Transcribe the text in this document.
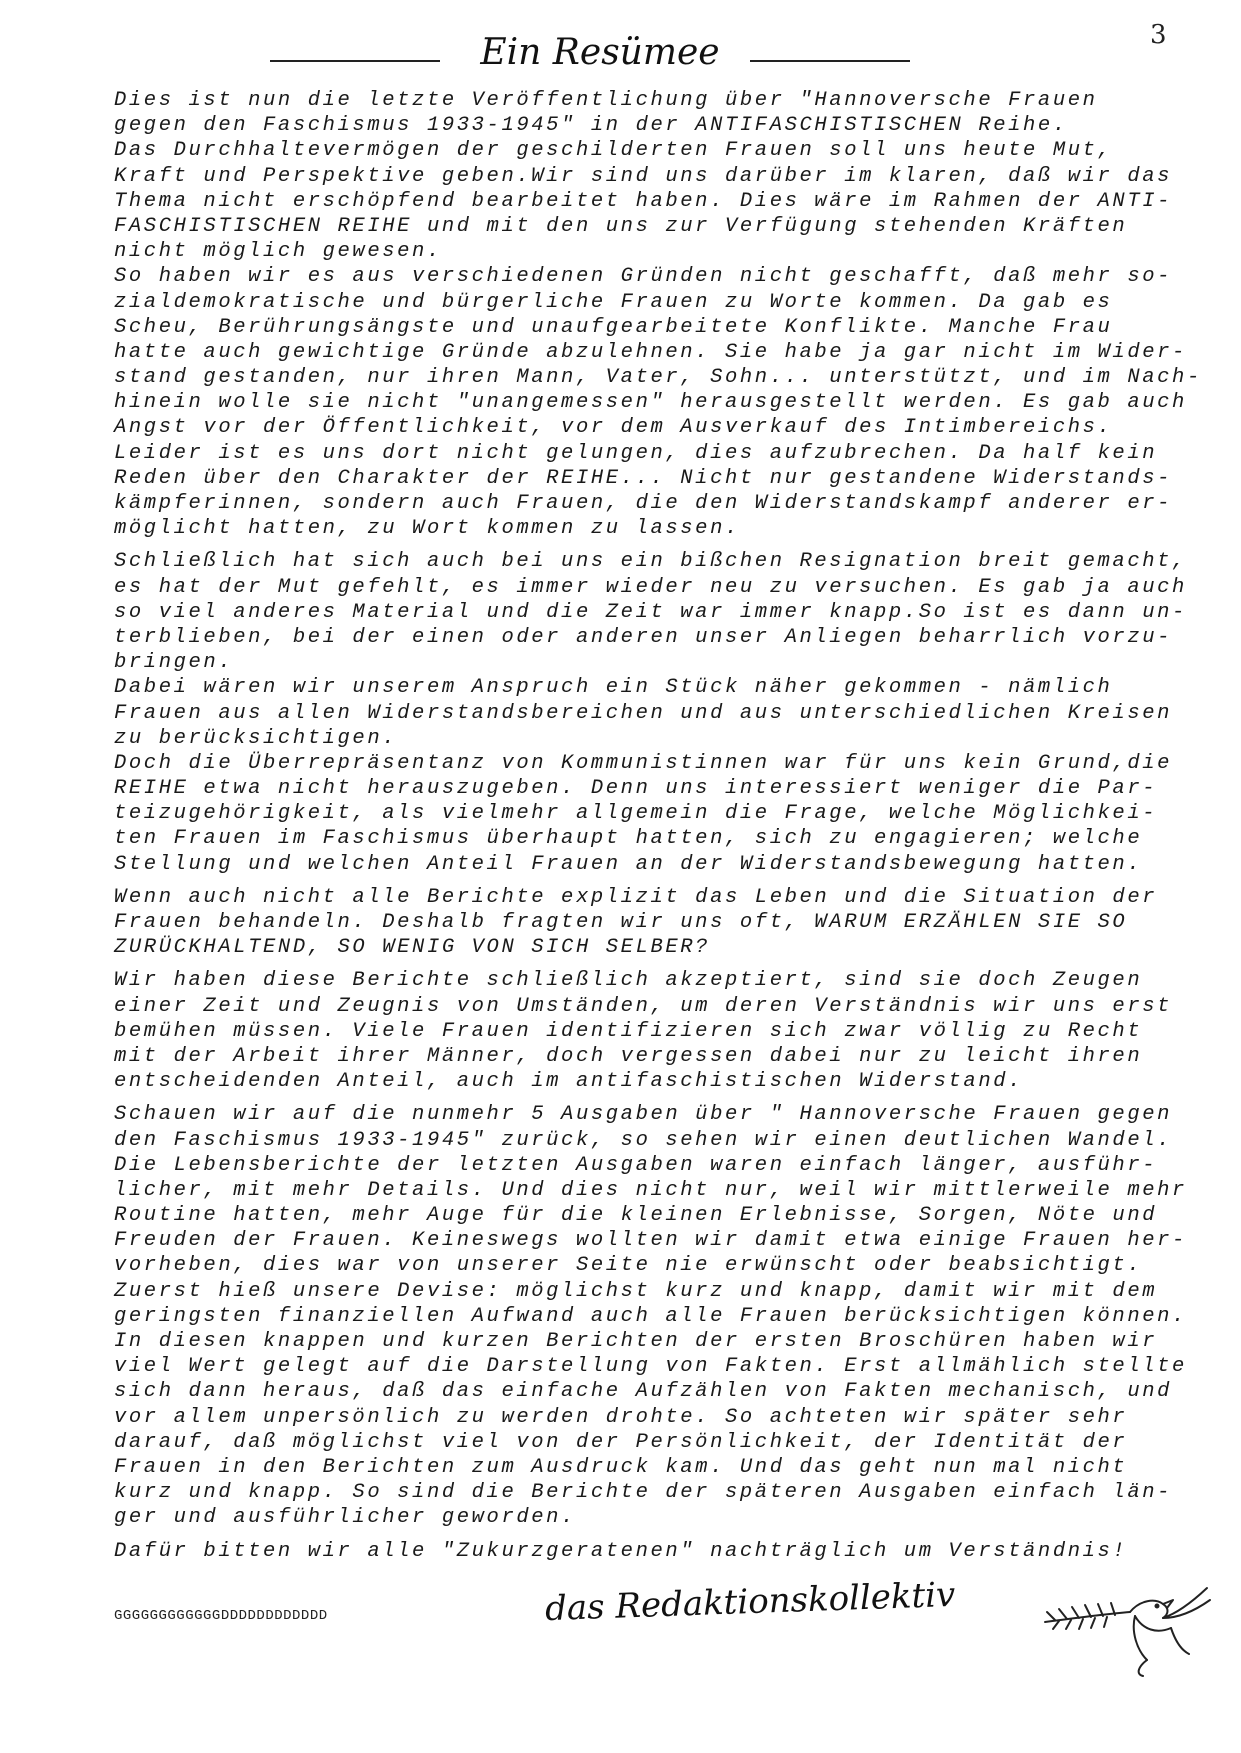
3
Ein Resümee
Dies ist nun die letzte Veröffentlichung über "Hannoversche Frauen
gegen den Faschismus 1933-1945" in der ANTIFASCHISTISCHEN Reihe.
Das Durchhaltevermögen der geschilderten Frauen soll uns heute Mut,
Kraft und Perspektive geben.Wir sind uns darüber im klaren, daß wir das
Thema nicht erschöpfend bearbeitet haben. Dies wäre im Rahmen der ANTI-
FASCHISTISCHEN REIHE und mit den uns zur Verfügung stehenden Kräften
nicht möglich gewesen.
So haben wir es aus verschiedenen Gründen nicht geschafft, daß mehr so-
zialdemokratische und bürgerliche Frauen zu Worte kommen. Da gab es
Scheu, Berührungsängste und unaufgearbeitete Konflikte. Manche Frau
hatte auch gewichtige Gründe abzulehnen. Sie habe ja gar nicht im Wider-
stand gestanden, nur ihren Mann, Vater, Sohn... unterstützt, und im Nach-
hinein wolle sie nicht "unangemessen" herausgestellt werden. Es gab auch
Angst vor der Öffentlichkeit, vor dem Ausverkauf des Intimbereichs.
Leider ist es uns dort nicht gelungen, dies aufzubrechen. Da half kein
Reden über den Charakter der REIHE... Nicht nur gestandene Widerstands-
kämpferinnen, sondern auch Frauen, die den Widerstandskampf anderer er-
möglicht hatten, zu Wort kommen zu lassen.
Schließlich hat sich auch bei uns ein bißchen Resignation breit gemacht,
es hat der Mut gefehlt, es immer wieder neu zu versuchen. Es gab ja auch
so viel anderes Material und die Zeit war immer knapp.So ist es dann un-
terblieben, bei der einen oder anderen unser Anliegen beharrlich vorzu-
bringen.
Dabei wären wir unserem Anspruch ein Stück näher gekommen - nämlich
Frauen aus allen Widerstandsbereichen und aus unterschiedlichen Kreisen
zu berücksichtigen.
Doch die Überrepräsentanz von Kommunistinnen war für uns kein Grund,die
REIHE etwa nicht herauszugeben. Denn uns interessiert weniger die Par-
teizugehörigkeit, als vielmehr allgemein die Frage, welche Möglichkei-
ten Frauen im Faschismus überhaupt hatten, sich zu engagieren; welche
Stellung und welchen Anteil Frauen an der Widerstandsbewegung hatten.
Wenn auch nicht alle Berichte explizit das Leben und die Situation der
Frauen behandeln. Deshalb fragten wir uns oft, WARUM ERZÄHLEN SIE SO
ZURÜCKHALTEND, SO WENIG VON SICH SELBER?
Wir haben diese Berichte schließlich akzeptiert, sind sie doch Zeugen
einer Zeit und Zeugnis von Umständen, um deren Verständnis wir uns erst
bemühen müssen. Viele Frauen identifizieren sich zwar völlig zu Recht
mit der Arbeit ihrer Männer, doch vergessen dabei nur zu leicht ihren
entscheidenden Anteil, auch im antifaschistischen Widerstand.
Schauen wir auf die nunmehr 5 Ausgaben über " Hannoversche Frauen gegen
den Faschismus 1933-1945" zurück, so sehen wir einen deutlichen Wandel.
Die Lebensberichte der letzten Ausgaben waren einfach länger, ausführ-
licher, mit mehr Details. Und dies nicht nur, weil wir mittlerweile mehr
Routine hatten, mehr Auge für die kleinen Erlebnisse, Sorgen, Nöte und
Freuden der Frauen. Keineswegs wollten wir damit etwa einige Frauen her-
vorheben, dies war von unserer Seite nie erwünscht oder beabsichtigt.
Zuerst hieß unsere Devise: möglichst kurz und knapp, damit wir mit dem
geringsten finanziellen Aufwand auch alle Frauen berücksichtigen können.
In diesen knappen und kurzen Berichten der ersten Broschüren haben wir
viel Wert gelegt auf die Darstellung von Fakten. Erst allmählich stellte
sich dann heraus, daß das einfache Aufzählen von Fakten mechanisch, und
vor allem unpersönlich zu werden drohte. So achteten wir später sehr
darauf, daß möglichst viel von der Persönlichkeit, der Identität der
Frauen in den Berichten zum Ausdruck kam. Und das geht nun mal nicht
kurz und knapp. So sind die Berichte der späteren Ausgaben einfach län-
ger und ausführlicher geworden.
Dafür bitten wir alle "Zukurzgeratenen" nachträglich um Verständnis!
GGGGGGGGGGGGDDDDDDDDDDDD	das Redaktionskollektiv
